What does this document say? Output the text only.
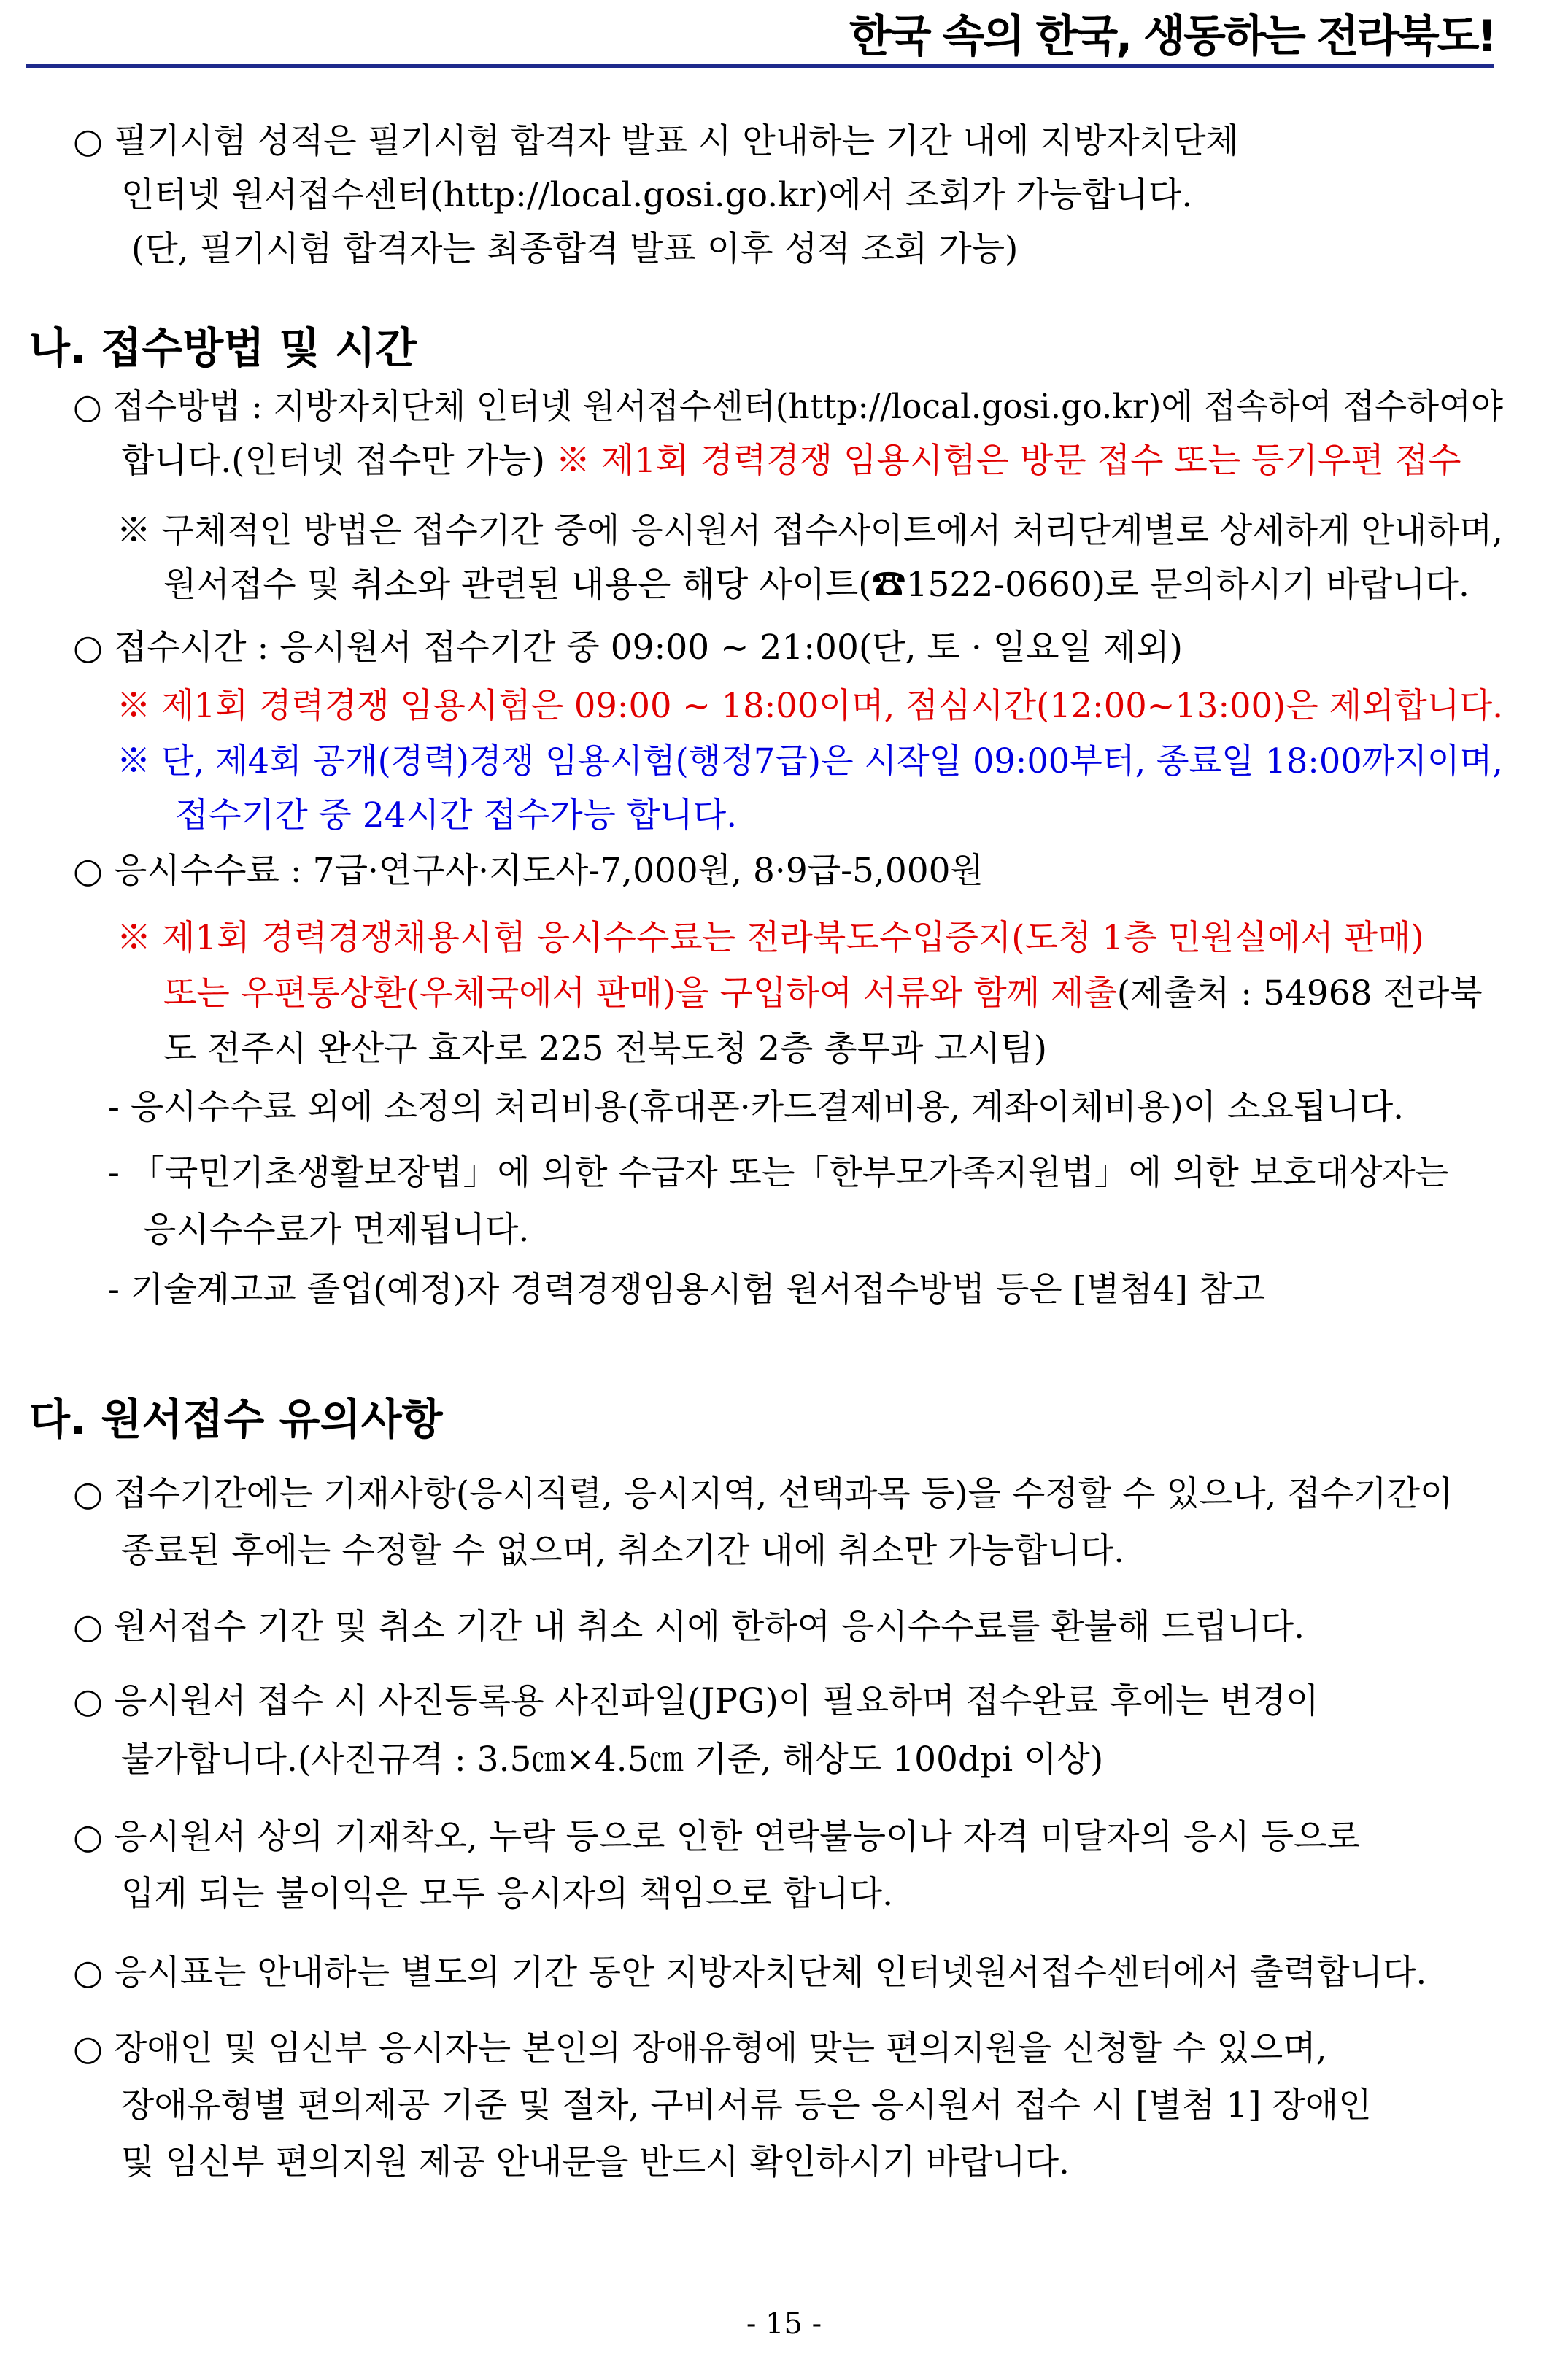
한국 속의 한국, 생동하는 전라북도!
○ 필기시험 성적은 필기시험 합격자 발표 시 안내하는 기간 내에 지방자치단체
인터넷 원서접수센터(http://local.gosi.go.kr)에서 조회가 가능합니다.
(단, 필기시험 합격자는 최종합격 발표 이후 성적 조회 가능)
나. 접수방법 및 시간
○ 접수방법 : 지방자치단체 인터넷 원서접수센터(http://local.gosi.go.kr)에 접속하여 접수하여야
합니다.(인터넷 접수만 가능) ※ 제1회 경력경쟁 임용시험은 방문 접수 또는 등기우편 접수
※ 구체적인 방법은 접수기간 중에 응시원서 접수사이트에서 처리단계별로 상세하게 안내하며,
원서접수 및 취소와 관련된 내용은 해당 사이트(☎1522-0660)로 문의하시기 바랍니다.
○ 접수시간 : 응시원서 접수기간 중 09:00 ~ 21:00(단, 토 · 일요일 제외)
※ 제1회 경력경쟁 임용시험은 09:00 ~ 18:00이며, 점심시간(12:00~13:00)은 제외합니다.
※ 단, 제4회 공개(경력)경쟁 임용시험(행정7급)은 시작일 09:00부터, 종료일 18:00까지이며,
접수기간 중 24시간 접수가능 합니다.
○ 응시수수료 : 7급·연구사·지도사-7,000원, 8·9급-5,000원
※ 제1회 경력경쟁채용시험 응시수수료는 전라북도수입증지(도청 1층 민원실에서 판매)
또는 우편통상환(우체국에서 판매)을 구입하여 서류와 함께 제출(제출처 : 54968 전라북
도 전주시 완산구 효자로 225 전북도청 2층 총무과 고시팀)
- 응시수수료 외에 소정의 처리비용(휴대폰·카드결제비용, 계좌이체비용)이 소요됩니다.
- 「국민기초생활보장법」에 의한 수급자 또는「한부모가족지원법」에 의한 보호대상자는
응시수수료가 면제됩니다.
- 기술계고교 졸업(예정)자 경력경쟁임용시험 원서접수방법 등은 [별첨4] 참고
다. 원서접수 유의사항
○ 접수기간에는 기재사항(응시직렬, 응시지역, 선택과목 등)을 수정할 수 있으나, 접수기간이
종료된 후에는 수정할 수 없으며, 취소기간 내에 취소만 가능합니다.
○ 원서접수 기간 및 취소 기간 내 취소 시에 한하여 응시수수료를 환불해 드립니다.
○ 응시원서 접수 시 사진등록용 사진파일(JPG)이 필요하며 접수완료 후에는 변경이
불가합니다.(사진규격 : 3.5㎝×4.5㎝ 기준, 해상도 100dpi 이상)
○ 응시원서 상의 기재착오, 누락 등으로 인한 연락불능이나 자격 미달자의 응시 등으로
입게 되는 불이익은 모두 응시자의 책임으로 합니다.
○ 응시표는 안내하는 별도의 기간 동안 지방자치단체 인터넷원서접수센터에서 출력합니다.
○ 장애인 및 임신부 응시자는 본인의 장애유형에 맞는 편의지원을 신청할 수 있으며,
장애유형별 편의제공 기준 및 절차, 구비서류 등은 응시원서 접수 시 [별첨 1] 장애인
및 임신부 편의지원 제공 안내문을 반드시 확인하시기 바랍니다.
- 15 -
